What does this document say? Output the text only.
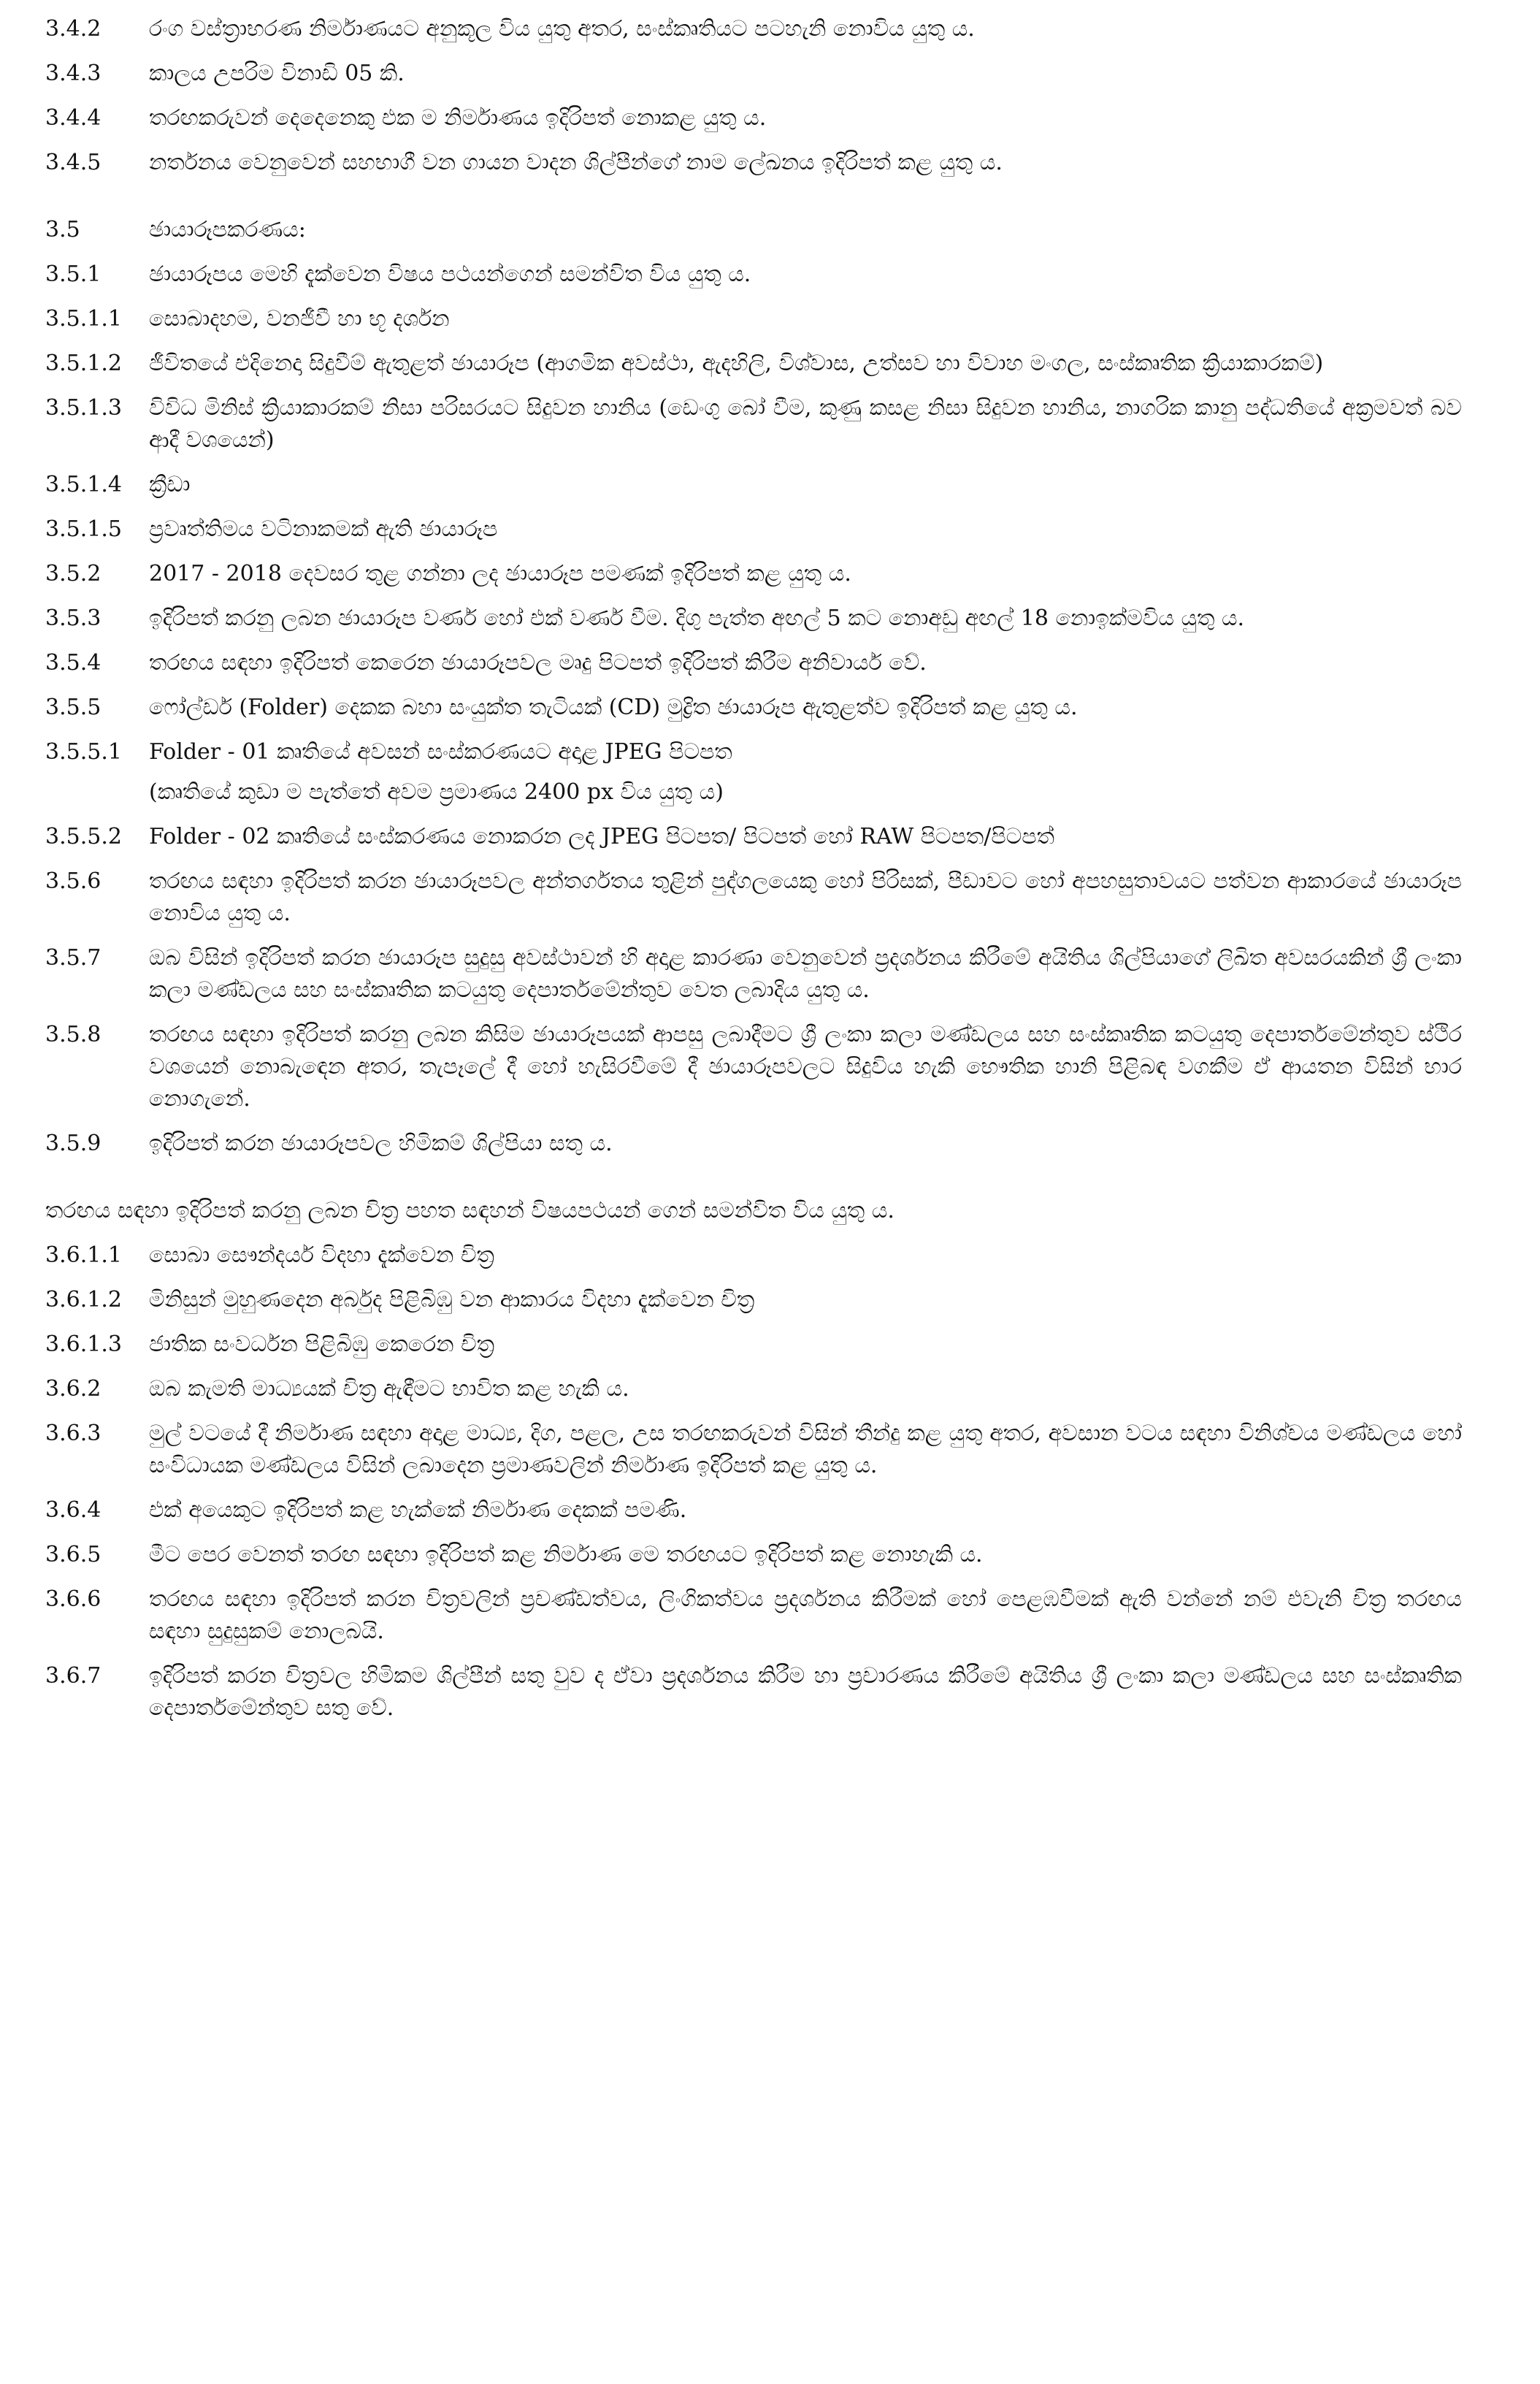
3.4.2	රංග වස්ත්‍රාභරණ නිර්මාණයට අනුකූල විය යුතු අතර, සංස්කෘතියට පටහැනි නොවිය යුතු ය.
3.4.3	කාලය උපරිම විනාඩි 05 කි.
3.4.4	තරඟකරුවන් දෙදෙනෙකු එක ම නිර්මාණය ඉදිරිපත් නොකළ යුතු ය.
3.4.5	නර්තනය වෙනුවෙන් සහභාගී වන ගායන වාදන ශිල්පීන්ගේ නාම ලේඛනය ඉදිරිපත් කළ යුතු ය.
3.5	ඡායාරූපකරණය:
3.5.1	ඡායාරූපය මෙහි දැක්වෙන විෂය පථයන්ගෙන් සමන්විත විය යුතු ය.
3.5.1.1	සොබාදහම, වනජීවී හා භූ දර්ශන
3.5.1.2	ජීවිතයේ එදිනෙදා සිදුවීම් ඇතුළත් ඡායාරූප (ආගමික අවස්ථා, ඇදහිලි, විශ්වාස, උත්සව හා විවාහ මංගල, සංස්කෘතික ක්‍රියාකාරකම්)
3.5.1.3	විවිධ මිනිස් ක්‍රියාකාරකම් නිසා පරිසරයට සිදුවන හානිය (ඩෙංගු බෝ වීම, කුණු කසළ නිසා සිදුවන හානිය, නාගරික කානු පද්ධතියේ අක්‍රමවත් බව ආදී වශයෙන්)
3.5.1.4	ක්‍රීඩා
3.5.1.5	ප්‍රවෘත්තිමය වටිනාකමක් ඇති ඡායාරූප
3.5.2	2017 - 2018 දෙවසර තුළ ගන්නා ලද ඡායාරූප පමණක් ඉදිරිපත් කළ යුතු ය.
3.5.3	ඉදිරිපත් කරනු ලබන ඡායාරූප වර්ණ හෝ එක් වර්ණ වීම. දිගු පැත්ත අඟල් 5 කට නොඅඩු අඟල් 18 නොඉක්මවිය යුතු ය.
3.5.4	තරඟය සඳහා ඉදිරිපත් කෙරෙන ඡායාරූපවල මෘදු පිටපත් ඉදිරිපත් කිරීම අනිවාර්ය වේ.
3.5.5	ෆෝල්ඩර් (Folder) දෙකක බහා සංයුක්ත තැටියක් (CD) මුද්‍රිත ඡායාරූප ඇතුළත්ව ඉදිරිපත් කළ යුතු ය.
3.5.5.1	Folder - 01 කෘතියේ අවසන් සංස්කරණයට අදාළ JPEG පිටපත
(කෘතියේ කුඩා ම පැත්තේ අවම ප්‍රමාණය 2400 px විය යුතු ය)
3.5.5.2	Folder - 02 කෘතියේ සංස්කරණය නොකරන ලද JPEG පිටපත/ පිටපත් හෝ RAW පිටපත/පිටපත්
3.5.6	තරඟය සඳහා ඉදිරිපත් කරන ඡායාරූපවල අන්තර්ගතය තුළින් පුද්ගලයෙකු හෝ පිරිසක්, පීඩාවට හෝ අපහසුතාවයට පත්වන ආකාරයේ ඡායාරූප නොවිය යුතු ය.
3.5.7	ඔබ විසින් ඉදිරිපත් කරන ඡායාරූප සුදුසු අවස්ථාවන් හි අදාළ කාරණා වෙනුවෙන් ප්‍රදර්ශනය කිරීමේ අයිතිය ශිල්පියාගේ ලිඛිත අවසරයකින් ශ්‍රී ලංකා කලා මණ්ඩලය සහ සංස්කෘතික කටයුතු දෙපාර්තමේන්තුව වෙත ලබාදිය යුතු ය.
3.5.8	තරඟය සඳහා ඉදිරිපත් කරනු ලබන කිසිම ඡායාරූපයක් ආපසු ලබාදීමට ශ්‍රී ලංකා කලා මණ්ඩලය සහ සංස්කෘතික කටයුතු දෙපාර්තමේන්තුව ස්ථිර වශයෙන් නොබැඳෙන අතර, තැපෑලේ දී හෝ හැසිරවීමේ දී ඡායාරූපවලට සිදුවිය හැකි භෞතික හානි පිළිබඳ වගකීම ඒ ආයතන විසින් භාර නොගැනේ.
3.5.9	ඉදිරිපත් කරන ඡායාරූපවල හිමිකම් ශිල්පියා සතු ය.
තරඟය සඳහා ඉදිරිපත් කරනු ලබන චිත්‍ර පහත සඳහන් විෂයපථයන් ගෙන් සමන්විත විය යුතු ය.
3.6.1.1	සොබා සෞන්දර්ය විදහා දැක්වෙන චිත්‍ර
3.6.1.2	මිනිසුන් මුහුණදෙන අර්බුද පිළිබිඹු වන ආකාරය විදහා දැක්වෙන චිත්‍ර
3.6.1.3	ජාතික සංවර්ධන පිළිබිඹු කෙරෙන චිත්‍ර
3.6.2	ඔබ කැමති මාධ්‍යයක් චිත්‍ර ඇඳීමට භාවිත කළ හැකි ය.
3.6.3	මුල් වටයේ දී නිර්මාණ සඳහා අදාළ මාධ්‍ය, දිග, පළල, උස තරඟකරුවන් විසින් තීන්දු කළ යුතු අතර, අවසාන වටය සඳහා විනිශ්චය මණ්ඩලය හෝ සංවිධායක මණ්ඩලය විසින් ලබාදෙන ප්‍රමාණවලින් නිර්මාණ ඉදිරිපත් කළ යුතු ය.
3.6.4	එක් අයෙකුට ඉදිරිපත් කළ හැක්කේ නිර්මාණ දෙකක් පමණි.
3.6.5	මීට පෙර වෙනත් තරඟ සඳහා ඉදිරිපත් කළ නිර්මාණ මෙ තරඟයට ඉදිරිපත් කළ නොහැකි ය.
3.6.6	තරඟය සඳහා ඉදිරිපත් කරන චිත්‍රවලින් ප්‍රචණ්ඩත්වය, ලිංගිකත්වය ප්‍රදර්ශනය කිරීමක් හෝ පෙළඹවීමක් ඇති වන්නේ නම් එවැනි චිත්‍ර තරඟය සඳහා සුදුසුකම් නොලබයි.
3.6.7	ඉදිරිපත් කරන චිත්‍රවල හිමිකම ශිල්පීන් සතු වුව ද ඒවා ප්‍රදර්ශනය කිරීම හා ප්‍රචාරණය කිරීමේ අයිතිය ශ්‍රී ලංකා කලා මණ්ඩලය සහ සංස්කෘතික දෙපාර්තමේන්තුව සතු වේ.
